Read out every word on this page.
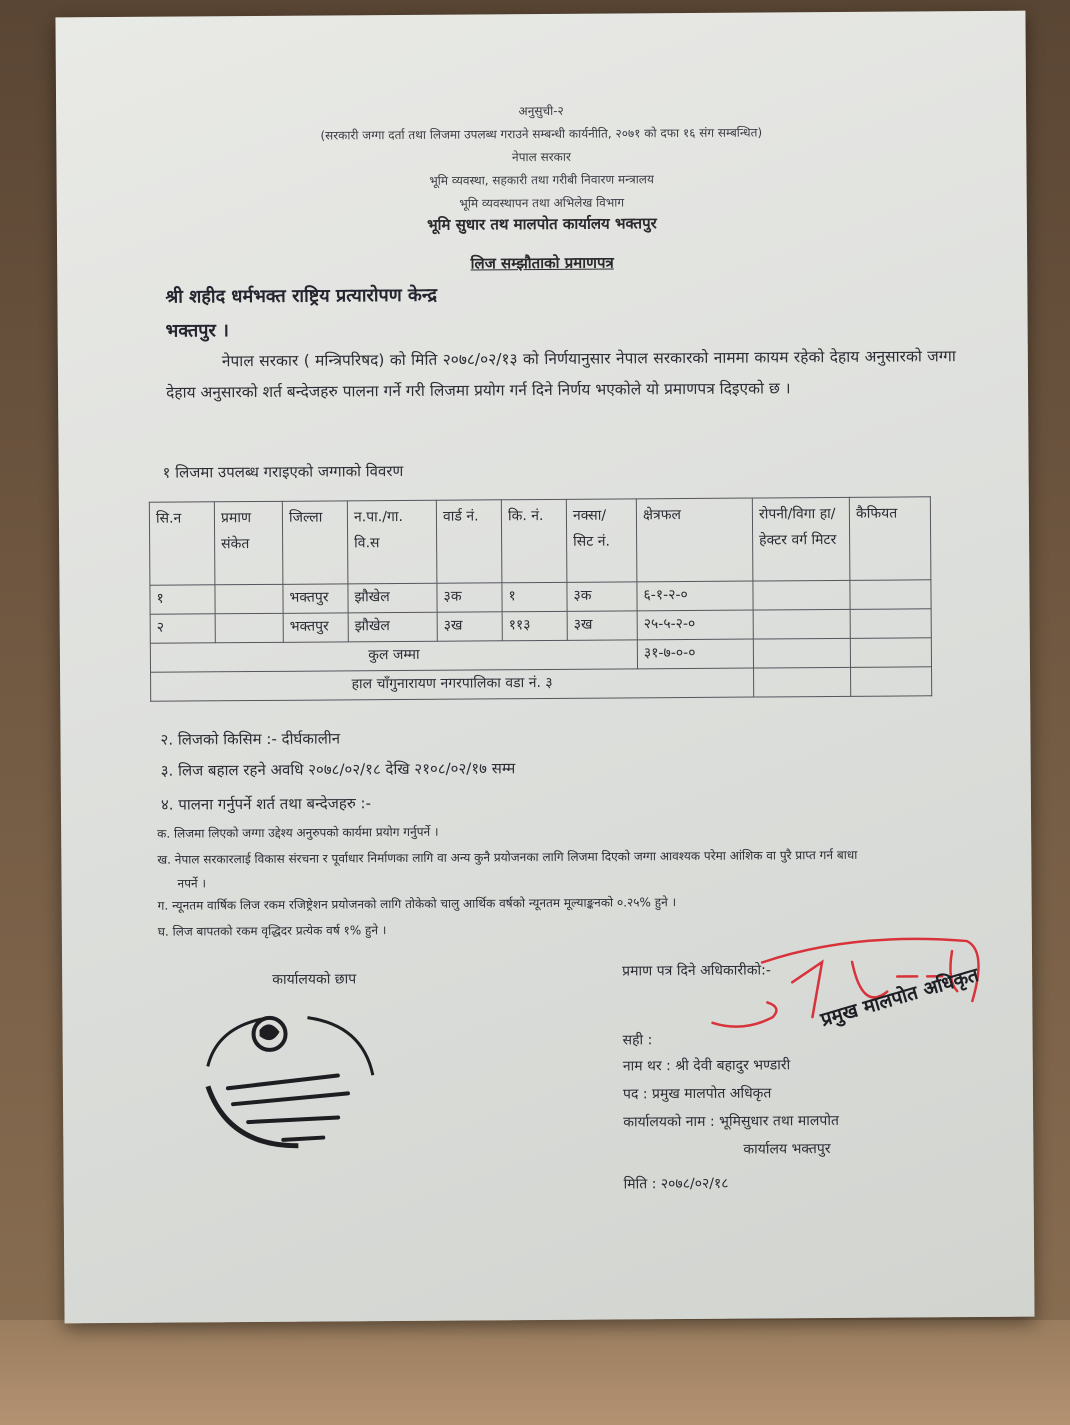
अनुसुची-२
(सरकारी जग्गा दर्ता तथा लिजमा उपलब्ध गराउने सम्बन्धी कार्यनीति, २०७१ को दफा १६ संग सम्बन्धित)
नेपाल सरकार
भूमि व्यवस्था, सहकारी तथा गरीबी निवारण मन्त्रालय
भूमि व्यवस्थापन तथा अभिलेख विभाग
भूमि सुधार तथ मालपोत कार्यालय भक्तपुर
लिज सम्झौताको प्रमाणपत्र
श्री शहीद धर्मभक्त राष्ट्रिय प्रत्यारोपण केन्द्र
भक्तपुर ।
नेपाल सरकार ( मन्त्रिपरिषद) को मिति २०७८/०२/१३ को निर्णयानुसार नेपाल सरकारको नाममा कायम रहेको देहाय अनुसारको जग्गा देहाय अनुसारको शर्त बन्देजहरु पालना गर्ने गरी लिजमा प्रयोग गर्न दिने निर्णय भएकोले यो प्रमाणपत्र दिइएको छ ।
१ लिजमा उपलब्ध गराइएको जग्गाको विवरण
सि.न	प्रमाण संकेत	जिल्ला	न.पा./गा. वि.स	वार्ड नं.	कि. नं.	नक्सा/ सिट नं.	क्षेत्रफल	रोपनी/विगा हा/हेक्टर वर्ग मिटर	कैफियत
१		भक्तपुर	झौखेल	३क	१	३क	६-१-२-०		
२		भक्तपुर	झौखेल	३ख	११३	३ख	२५-५-२-०		
कुल जम्मा							३१-७-०-०		
हाल चाँगुनारायण नगरपालिका वडा नं. ३									
२. लिजको किसिम :- दीर्घकालीन
३. लिज बहाल रहने अवधि २०७८/०२/१८ देखि २१०८/०२/१७ सम्म
४. पालना गर्नुपर्ने शर्त तथा बन्देजहरु :-
क. लिजमा लिएको जग्गा उद्देश्य अनुरुपको कार्यमा प्रयोग गर्नुपर्ने ।
ख. नेपाल सरकारलाई विकास संरचना र पूर्वाधार निर्माणका लागि वा अन्य कुनै प्रयोजनका लागि लिजमा दिएको जग्गा आवश्यक परेमा आंशिक वा पुरै प्राप्त गर्न बाधा
नपर्ने ।
ग. न्यूनतम वार्षिक लिज रकम रजिष्ट्रेशन प्रयोजनको लागि तोकेको चालु आर्थिक वर्षको न्यूनतम मूल्याङ्कनको ०.२५% हुने ।
घ. लिज बापतको रकम वृद्धिदर प्रत्येक वर्ष १% हुने ।
कार्यालयको छाप
प्रमाण पत्र दिने अधिकारीको:-
सही :
नाम थर : श्री देवी बहादुर भण्डारी
पद : प्रमुख मालपोत अधिकृत
कार्यालयको नाम : भूमिसुधार तथा मालपोत
कार्यालय भक्तपुर
मिति : २०७८/०२/१८
प्रमुख मालपोत अधिकृत
